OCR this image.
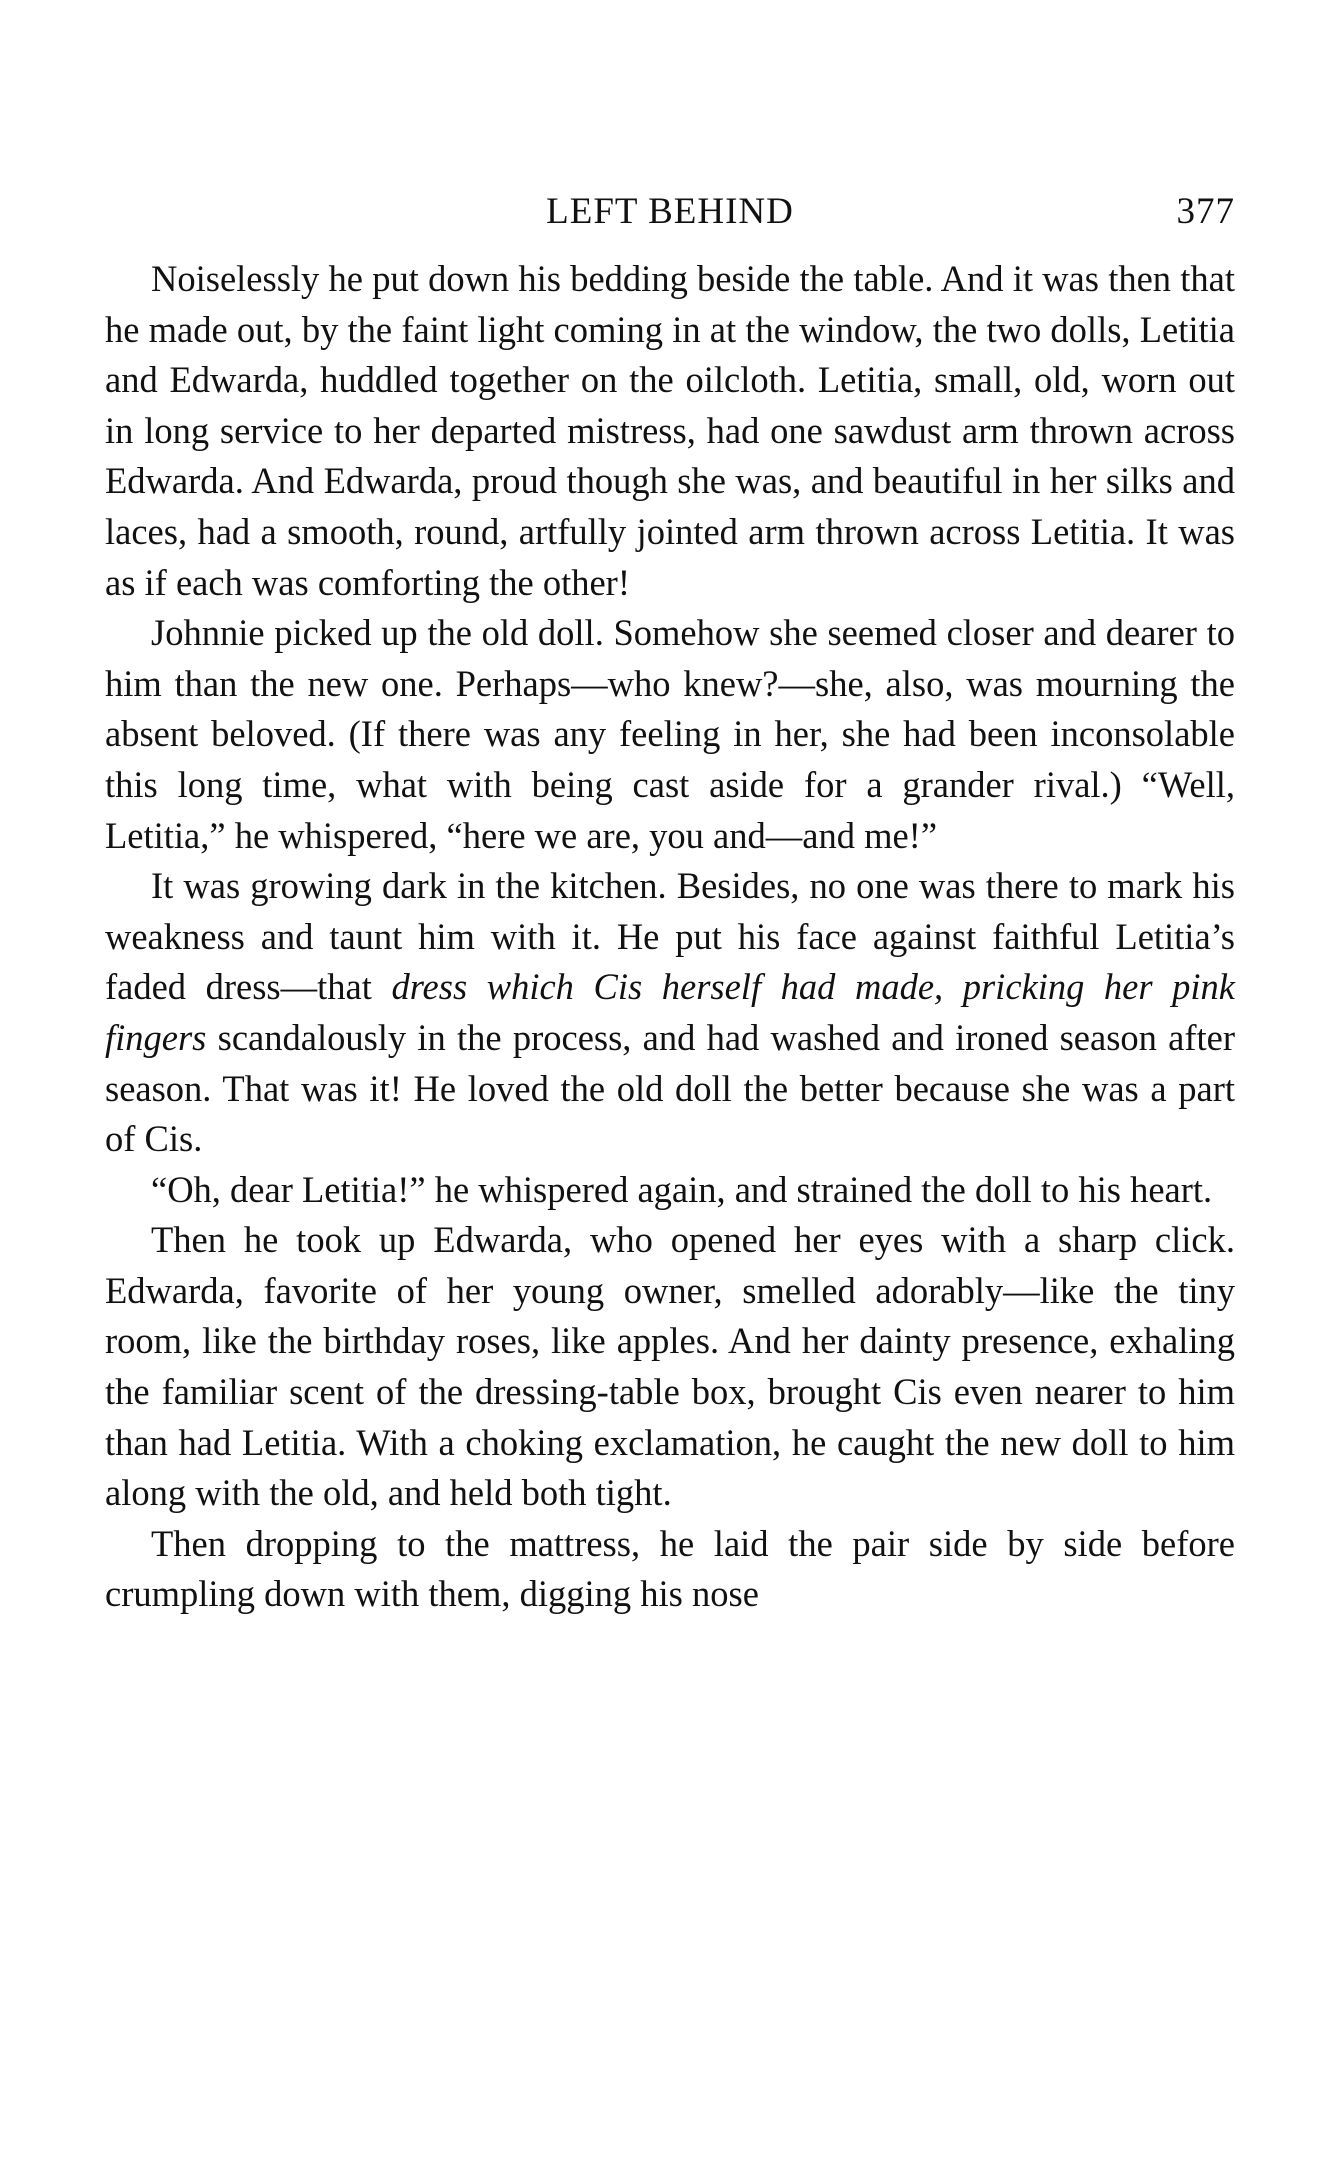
LEFT BEHIND	377

Noiselessly he put down his bedding beside the table. And it was then that he made out, by the faint light coming in at the window, the two dolls, Letitia and Edwarda, huddled together on the oilcloth. Letitia, small, old, worn out in long service to her departed mistress, had one sawdust arm thrown across Edwarda. And Edwarda, proud though she was, and beautiful in her silks and laces, had a smooth, round, artfully jointed arm thrown across Letitia. It was as if each was comforting the other!

Johnnie picked up the old doll. Somehow she seemed closer and dearer to him than the new one. Perhaps—who knew?—she, also, was mourning the absent beloved. (If there was any feeling in her, she had been inconsolable this long time, what with being cast aside for a grander rival.) “Well, Letitia,” he whispered, “here we are, you and—and me!”

It was growing dark in the kitchen. Besides, no one was there to mark his weakness and taunt him with it. He put his face against faithful Letitia’s faded dress—that dress which Cis herself had made, pricking her pink fingers scandalously in the process, and had washed and ironed season after season. That was it! He loved the old doll the better because she was a part of Cis.

“Oh, dear Letitia!” he whispered again, and strained the doll to his heart.

Then he took up Edwarda, who opened her eyes with a sharp click. Edwarda, favorite of her young owner, smelled adorably—like the tiny room, like the birthday roses, like apples. And her dainty presence, exhaling the familiar scent of the dressing-table box, brought Cis even nearer to him than had Letitia. With a choking exclamation, he caught the new doll to him along with the old, and held both tight.

Then dropping to the mattress, he laid the pair side by side before crumpling down with them, digging his nose
